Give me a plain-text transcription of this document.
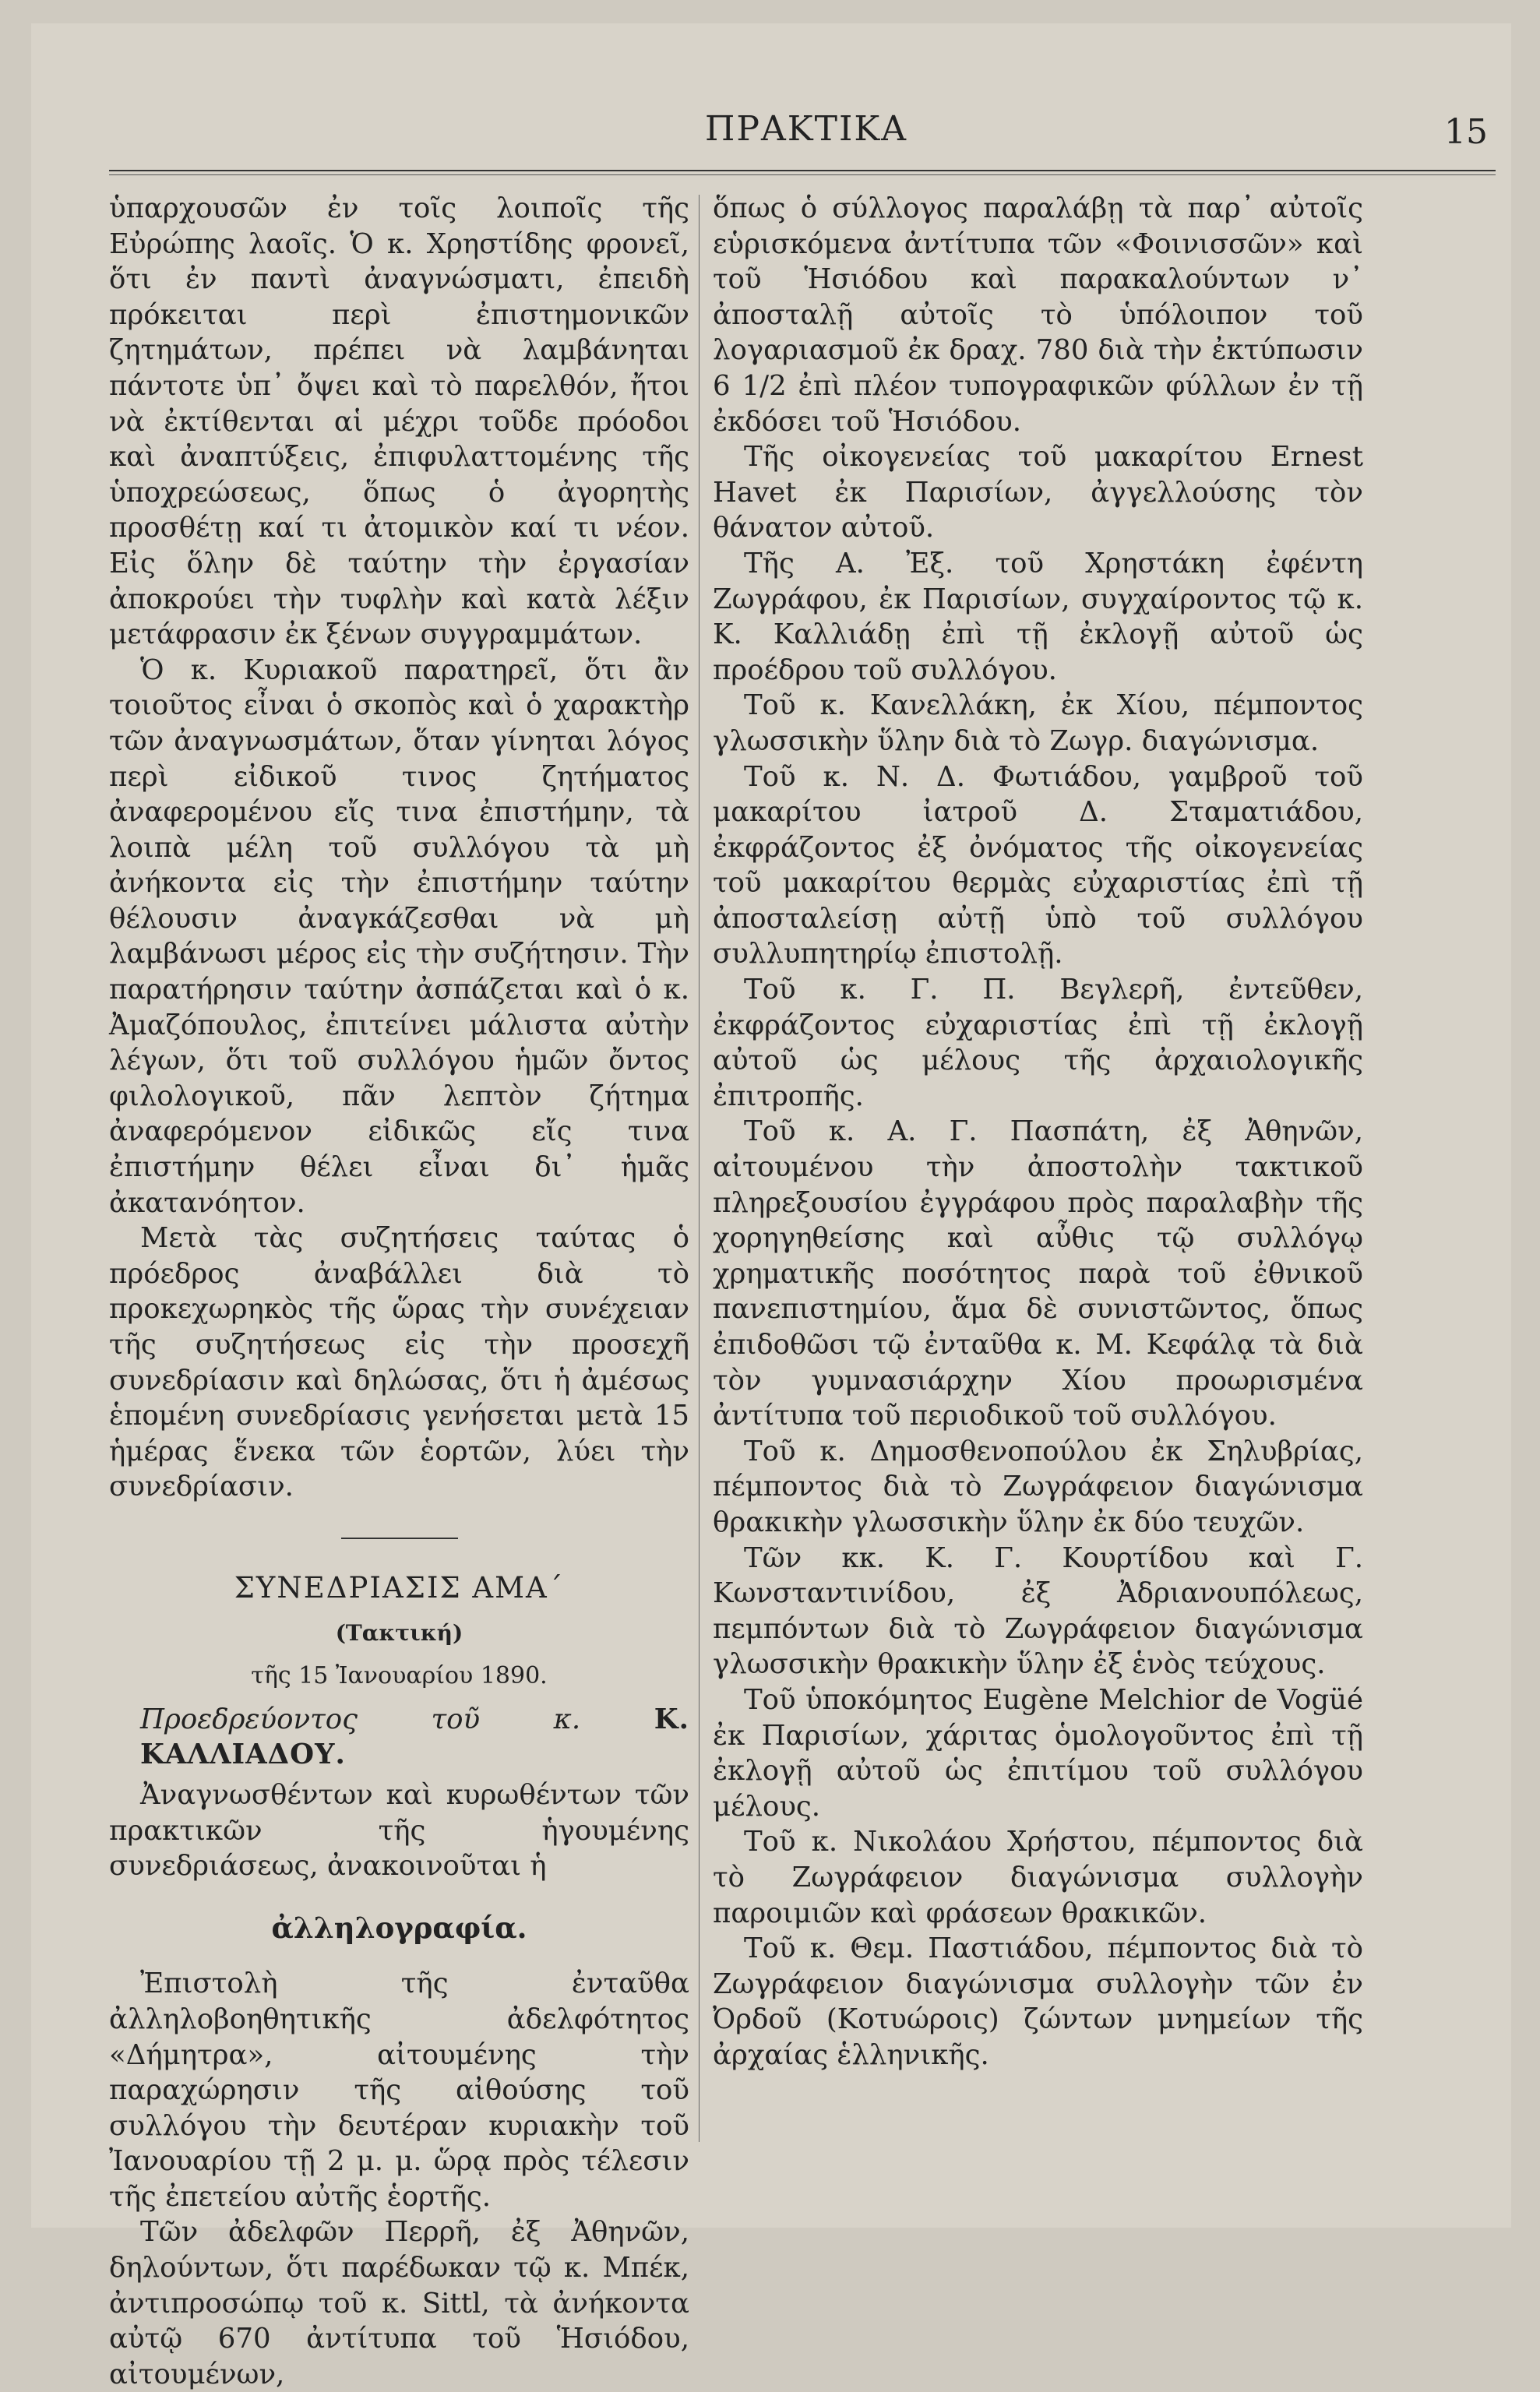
ΠΡΑΚΤΙΚΑ	15

ὑπαρχουσῶν ἐν τοῖς λοιποῖς τῆς Εὐρώπης λαοῖς. Ὁ κ. Χρηστίδης φρονεῖ, ὅτι ἐν παντὶ ἀναγνώσματι, ἐπειδὴ πρόκειται περὶ ἐπιστημονικῶν ζητημάτων, πρέπει νὰ λαμβάνηται πάντοτε ὑπ᾿ ὄψει καὶ τὸ παρελθόν, ἤτοι νὰ ἐκτίθενται αἱ μέχρι τοῦδε πρόοδοι καὶ ἀναπτύξεις, ἐπιφυλαττομένης τῆς ὑποχρεώσεως, ὅπως ὁ ἀγορητὴς προσθέτῃ καί τι ἀτομικὸν καί τι νέον. Εἰς ὅλην δὲ ταύτην τὴν ἐργασίαν ἀποκρούει τὴν τυφλὴν καὶ κατὰ λέξιν μετάφρασιν ἐκ ξένων συγγραμμάτων.

Ὁ κ. Κυριακοῦ παρατηρεῖ, ὅτι ἂν τοιοῦτος εἶναι ὁ σκοπὸς καὶ ὁ χαρακτὴρ τῶν ἀναγνωσμάτων, ὅταν γίνηται λόγος περὶ εἰδικοῦ τινος ζητήματος ἀναφερομένου εἴς τινα ἐπιστήμην, τὰ λοιπὰ μέλη τοῦ συλλόγου τὰ μὴ ἀνήκοντα εἰς τὴν ἐπιστήμην ταύτην θέλουσιν ἀναγκάζεσθαι νὰ μὴ λαμβάνωσι μέρος εἰς τὴν συζήτησιν. Τὴν παρατήρησιν ταύτην ἀσπάζεται καὶ ὁ κ. Ἀμαζόπουλος, ἐπιτείνει μάλιστα αὐτὴν λέγων, ὅτι τοῦ συλλόγου ἡμῶν ὄντος φιλολογικοῦ, πᾶν λεπτὸν ζήτημα ἀναφερόμενον εἰδικῶς εἴς τινα ἐπιστήμην θέλει εἶναι δι᾿ ἡμᾶς ἀκατανόητον.

Μετὰ τὰς συζητήσεις ταύτας ὁ πρόεδρος ἀναβάλλει διὰ τὸ προκεχωρηκὸς τῆς ὥρας τὴν συνέχειαν τῆς συζητήσεως εἰς τὴν προσεχῆ συνεδρίασιν καὶ δηλώσας, ὅτι ἡ ἀμέσως ἑπομένη συνεδρίασις γενήσεται μετὰ 15 ἡμέρας ἕνεκα τῶν ἑορτῶν, λύει τὴν συνεδρίασιν.

ΣΥΝΕΔΡΙΑΣΙΣ ΑΜΑ΄
(Τακτική)
τῆς 15 Ἰανουαρίου 1890.

Προεδρεύοντος τοῦ κ.	Κ. ΚΑΛΛΙΑΔΟΥ.

Ἀναγνωσθέντων καὶ κυρωθέντων τῶν πρακτικῶν τῆς ἡγουμένης συνεδριάσεως, ἀνακοινοῦται ἡ

ἀλληλογραφία.

Ἐπιστολὴ τῆς ἐνταῦθα ἀλληλοβοηθητικῆς ἀδελφότητος «Δήμητρα», αἰτουμένης τὴν παραχώρησιν τῆς αἰθούσης τοῦ συλλόγου τὴν δευτέραν κυριακὴν τοῦ Ἰανουαρίου τῇ 2 μ. μ. ὥρᾳ πρὸς τέλεσιν τῆς ἐπετείου αὐτῆς ἑορτῆς.

Τῶν ἀδελφῶν Περρῆ, ἐξ Ἀθηνῶν, δηλούντων, ὅτι παρέδωκαν τῷ κ. Μπέκ, ἀντιπροσώπῳ τοῦ κ. Sittl, τὰ ἀνήκοντα αὐτῷ 670 ἀντίτυπα τοῦ Ἡσιόδου, αἰτουμένων,

ὅπως ὁ σύλλογος παραλάβῃ τὰ παρ᾿ αὐτοῖς εὑρισκόμενα ἀντίτυπα τῶν «Φοινισσῶν» καὶ τοῦ Ἡσιόδου καὶ παρακαλούντων ν᾿ ἀποσταλῇ αὐτοῖς τὸ ὑπόλοιπον τοῦ λογαριασμοῦ ἐκ δραχ. 780 διὰ τὴν ἐκτύπωσιν 6 1/2 ἐπὶ πλέον τυπογραφικῶν φύλλων ἐν τῇ ἐκδόσει τοῦ Ἡσιόδου.

Τῆς οἰκογενείας τοῦ μακαρίτου Ernest Havet ἐκ Παρισίων, ἀγγελλούσης τὸν θάνατον αὐτοῦ.

Τῆς Α. Ἐξ. τοῦ Χρηστάκη ἐφέντη Ζωγράφου, ἐκ Παρισίων, συγχαίροντος τῷ κ. Κ. Καλλιάδῃ ἐπὶ τῇ ἐκλογῇ αὐτοῦ ὡς προέδρου τοῦ συλλόγου.

Τοῦ κ. Κανελλάκη, ἐκ Χίου, πέμποντος γλωσσικὴν ὕλην διὰ τὸ Ζωγρ. διαγώνισμα.

Τοῦ κ. Ν. Δ. Φωτιάδου, γαμβροῦ τοῦ μακαρίτου ἰατροῦ Δ. Σταματιάδου, ἐκφράζοντος ἐξ ὀνόματος τῆς οἰκογενείας τοῦ μακαρίτου θερμὰς εὐχαριστίας ἐπὶ τῇ ἀποσταλείσῃ αὐτῇ ὑπὸ τοῦ συλλόγου συλλυπητηρίῳ ἐπιστολῇ.

Τοῦ κ. Γ. Π. Βεγλερῆ, ἐντεῦθεν, ἐκφράζοντος εὐχαριστίας ἐπὶ τῇ ἐκλογῇ αὐτοῦ ὡς μέλους τῆς ἀρχαιολογικῆς ἐπιτροπῆς.

Τοῦ κ. Α. Γ. Πασπάτη, ἐξ Ἀθηνῶν, αἰτουμένου τὴν ἀποστολὴν τακτικοῦ πληρεξουσίου ἐγγράφου πρὸς παραλαβὴν τῆς χορηγηθείσης καὶ αὖθις τῷ συλλόγῳ χρηματικῆς ποσότητος παρὰ τοῦ ἐθνικοῦ πανεπιστημίου, ἅμα δὲ συνιστῶντος, ὅπως ἐπιδοθῶσι τῷ ἐνταῦθα κ. Μ. Κεφάλᾳ τὰ διὰ τὸν γυμνασιάρχην Χίου προωρισμένα ἀντίτυπα τοῦ περιοδικοῦ τοῦ συλλόγου.

Τοῦ κ. Δημοσθενοπούλου ἐκ Σηλυβρίας, πέμποντος διὰ τὸ Ζωγράφειον διαγώνισμα θρακικὴν γλωσσικὴν ὕλην ἐκ δύο τευχῶν.

Τῶν κκ. Κ. Γ. Κουρτίδου καὶ Γ. Κωνσταντινίδου, ἐξ Ἀδριανουπόλεως, πεμπόντων διὰ τὸ Ζωγράφειον διαγώνισμα γλωσσικὴν θρακικὴν ὕλην ἐξ ἑνὸς τεύχους.

Τοῦ ὑποκόμητος Eugène Melchior de Vogüé ἐκ Παρισίων, χάριτας ὁμολογοῦντος ἐπὶ τῇ ἐκλογῇ αὐτοῦ ὡς ἐπιτίμου τοῦ συλλόγου μέλους.

Τοῦ κ. Νικολάου Χρήστου, πέμποντος διὰ τὸ Ζωγράφειον διαγώνισμα συλλογὴν παροιμιῶν καὶ φράσεων θρακικῶν.

Τοῦ κ. Θεμ. Παστιάδου, πέμποντος διὰ τὸ Ζωγράφειον διαγώνισμα συλλογὴν τῶν ἐν Ὀρδοῦ (Κοτυώροις) ζώντων μνημείων τῆς ἀρχαίας ἑλληνικῆς.
